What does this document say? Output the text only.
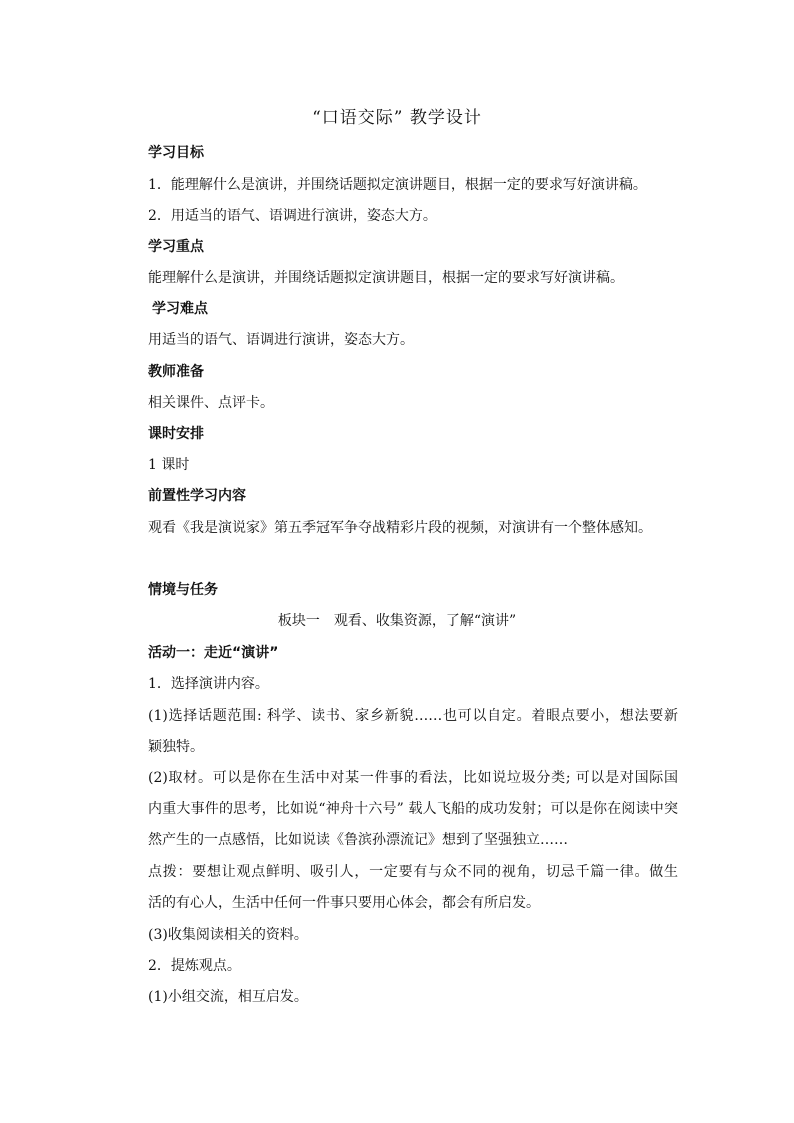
“口语交际” 教学设计
学习目标
1．能理解什么是演讲，并围绕话题拟定演讲题目，根据一定的要求写好演讲稿。
2．用适当的语气、语调进行演讲，姿态大方。
学习重点
能理解什么是演讲，并围绕话题拟定演讲题目，根据一定的要求写好演讲稿。
学习难点
用适当的语气、语调进行演讲，姿态大方。
教师准备
相关课件、点评卡。
课时安排
1 课时
前置性学习内容
观看《我是演说家》第五季冠军争夺战精彩片段的视频，对演讲有一个整体感知。
情境与任务
板块一　观看、收集资源，了解“演讲”
活动一：走近“演讲”
1．选择演讲内容。
(1)选择话题范围: 科学、读书、家乡新貌……也可以自定。着眼点要小，想法要新
颖独特。
(2)取材。可以是你在生活中对某一件事的看法，比如说垃圾分类; 可以是对国际国
内重大事件的思考，比如说“神舟十六号” 载人飞船的成功发射；可以是你在阅读中突
然产生的一点感悟，比如说读《鲁滨孙漂流记》想到了坚强独立……
点拨：要想让观点鲜明、吸引人，一定要有与众不同的视角，切忌千篇一律。做生
活的有心人，生活中任何一件事只要用心体会，都会有所启发。
(3)收集阅读相关的资料。
2．提炼观点。
(1)小组交流，相互启发。
